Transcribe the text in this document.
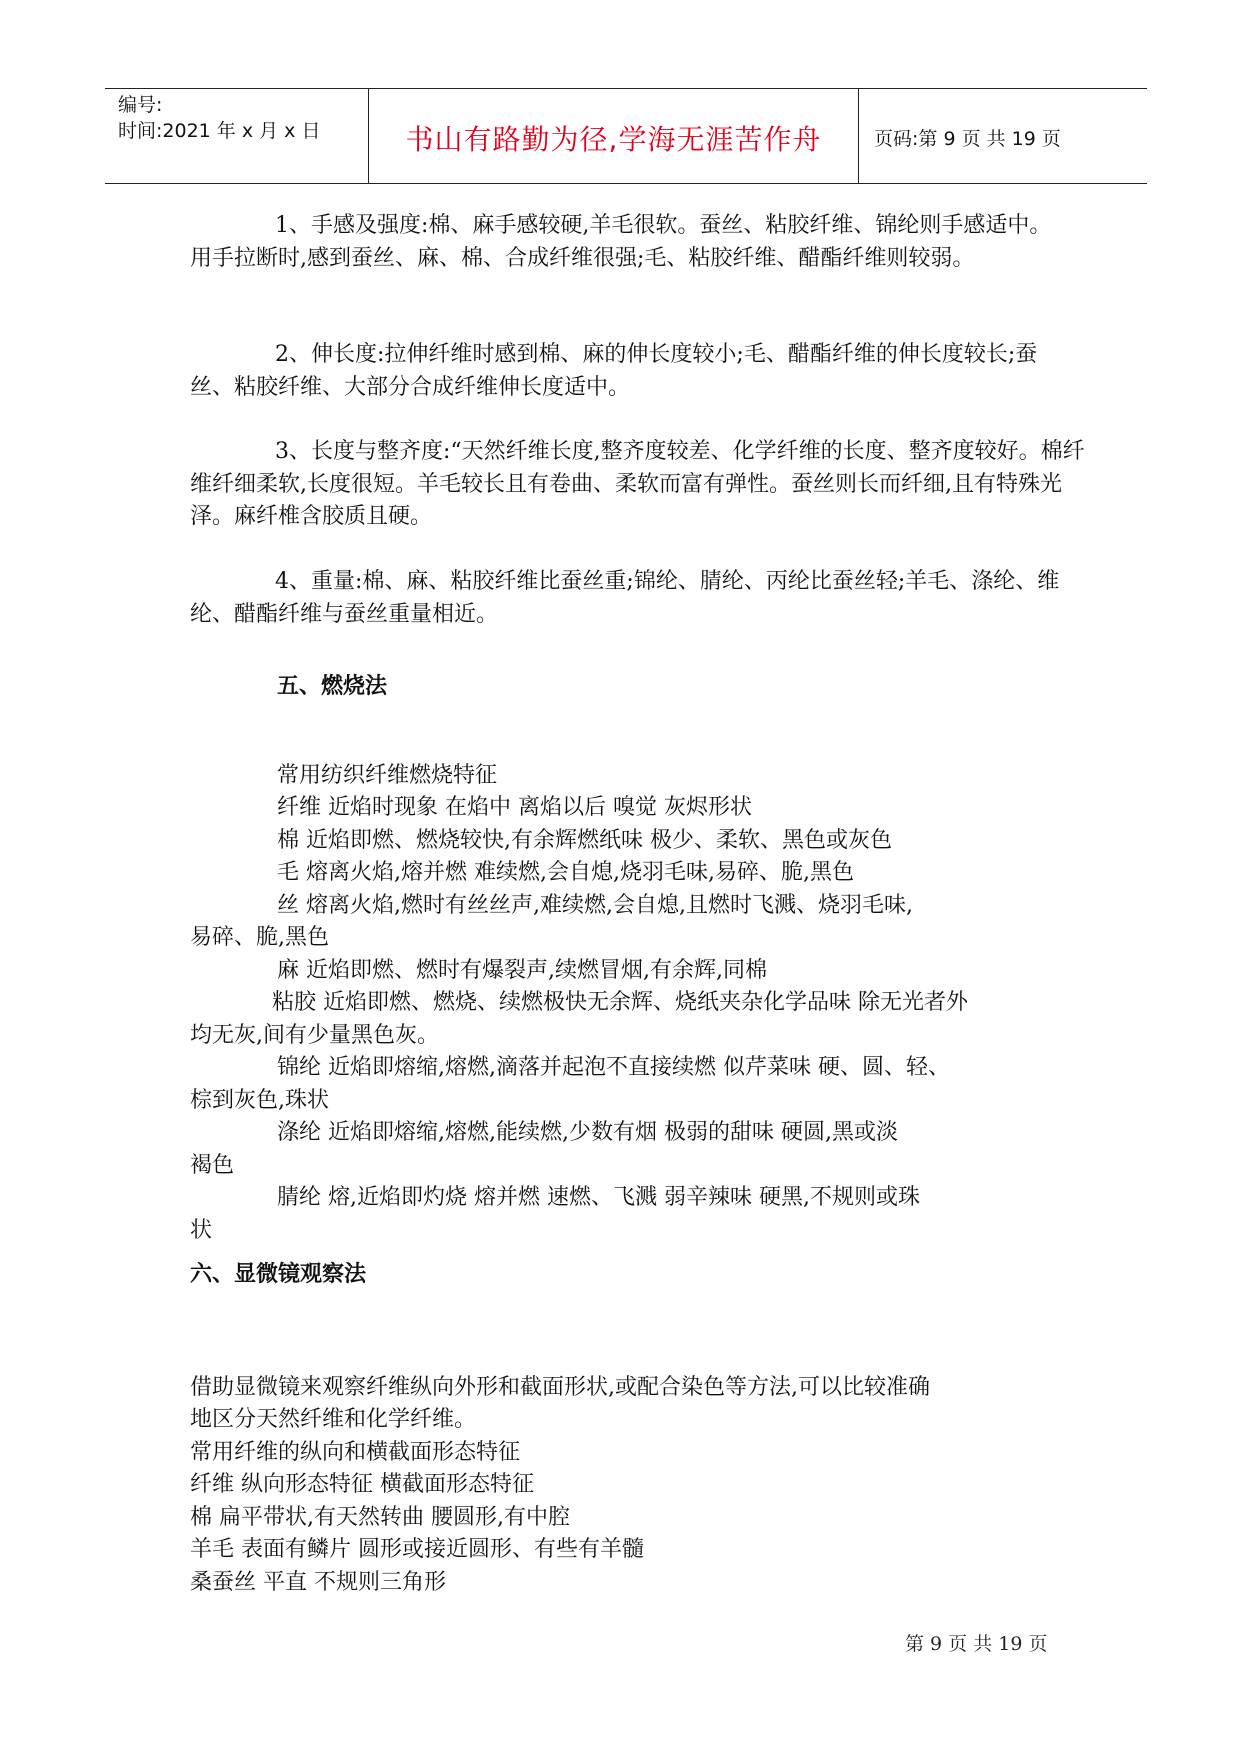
编号:
时间:2021 年 x 月 x 日	书山有路勤为径,学海无涯苦作舟	页码:第 9 页 共 19 页

1、手感及强度:棉、麻手感较硬,羊毛很软。蚕丝、粘胶纤维、锦纶则手感适中。用手拉断时,感到蚕丝、麻、棉、合成纤维很强;毛、粘胶纤维、醋酯纤维则较弱。

2、伸长度:拉伸纤维时感到棉、麻的伸长度较小;毛、醋酯纤维的伸长度较长;蚕丝、粘胶纤维、大部分合成纤维伸长度适中。

3、长度与整齐度:“天然纤维长度,整齐度较差、化学纤维的长度、整齐度较好。棉纤维纤细柔软,长度很短。羊毛较长且有卷曲、柔软而富有弹性。蚕丝则长而纤细,且有特殊光泽。麻纤椎含胶质且硬。

4、重量:棉、麻、粘胶纤维比蚕丝重;锦纶、腈纶、丙纶比蚕丝轻;羊毛、涤纶、维纶、醋酯纤维与蚕丝重量相近。

五、燃烧法
常用纺织纤维燃烧特征
纤维 近焰时现象 在焰中 离焰以后 嗅觉 灰烬形状
棉 近焰即燃、燃烧较快,有余辉燃纸味 极少、柔软、黑色或灰色
毛 熔离火焰,熔并燃 难续燃,会自熄,烧羽毛味,易碎、脆,黑色
丝 熔离火焰,燃时有丝丝声,难续燃,会自熄,且燃时飞溅、烧羽毛味,
易碎、脆,黑色
麻 近焰即燃、燃时有爆裂声,续燃冒烟,有余辉,同棉
粘胶 近焰即燃、燃烧、续燃极快无余辉、烧纸夹杂化学品味 除无光者外
均无灰,间有少量黑色灰。
锦纶 近焰即熔缩,熔燃,滴落并起泡不直接续燃 似芹菜味 硬、圆、轻、
棕到灰色,珠状
涤纶 近焰即熔缩,熔燃,能续燃,少数有烟 极弱的甜味 硬圆,黑或淡
褐色
腈纶 熔,近焰即灼烧 熔并燃 速燃、飞溅 弱辛辣味 硬黑,不规则或珠
状
六、显微镜观察法
借助显微镜来观察纤维纵向外形和截面形状,或配合染色等方法,可以比较准确
地区分天然纤维和化学纤维。
常用纤维的纵向和横截面形态特征
纤维 纵向形态特征 横截面形态特征
棉 扁平带状,有天然转曲 腰圆形,有中腔
羊毛 表面有鳞片 圆形或接近圆形、有些有羊髓
桑蚕丝 平直 不规则三角形
第 9 页 共 19 页
